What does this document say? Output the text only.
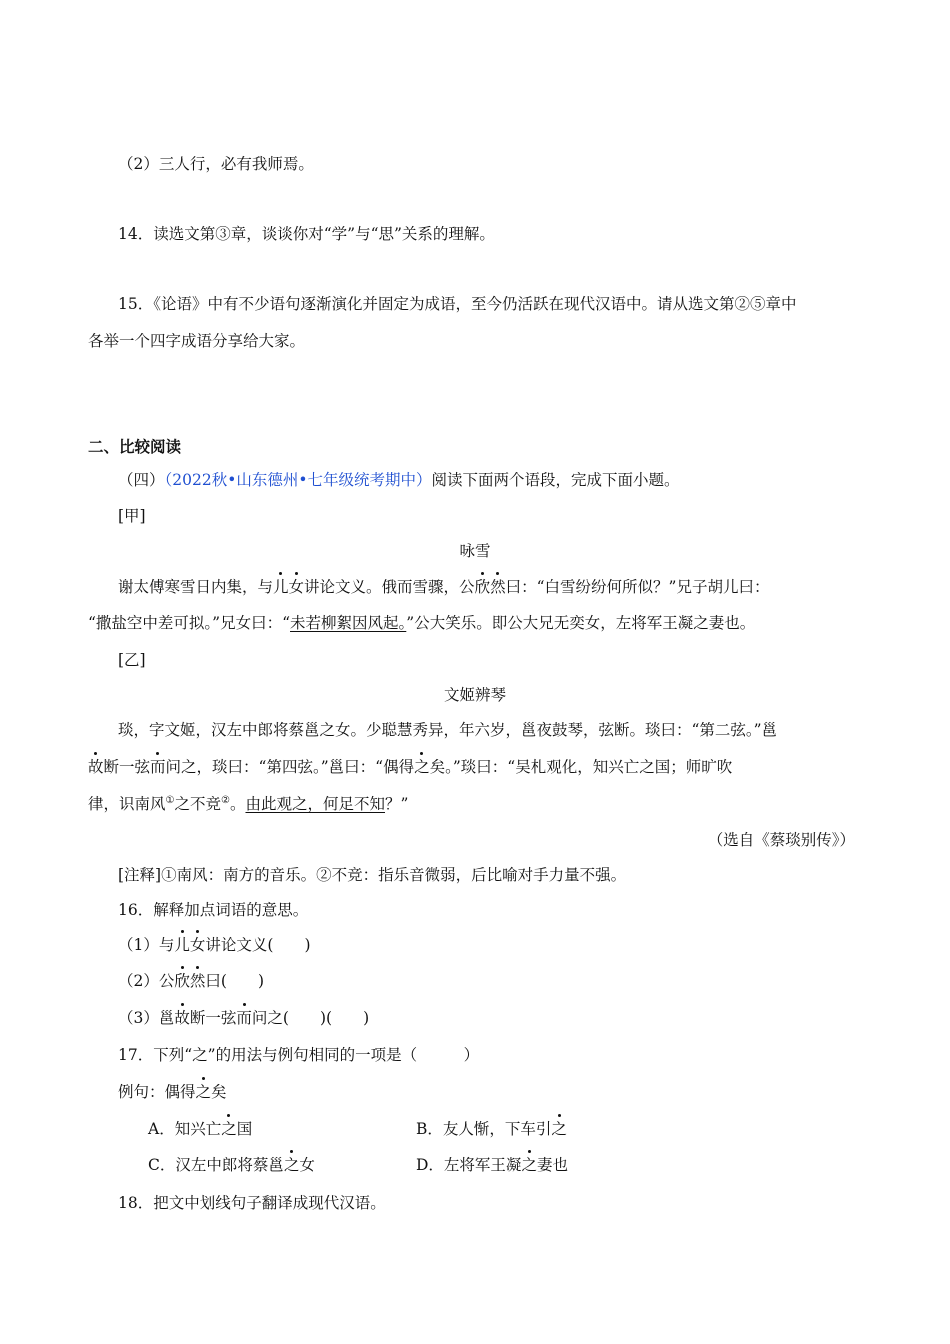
（2）三人行，必有我师焉。
14．读选文第③章，谈谈你对“学”与“思”关系的理解。
15．《论语》中有不少语句逐渐演化并固定为成语，至今仍活跃在现代汉语中。请从选文第②⑤章中
各举一个四字成语分享给大家。
二、比较阅读
（四）（2022秋•山东德州•七年级统考期中）阅读下面两个语段，完成下面小题。
[甲]
咏雪
谢太傅寒雪日内集，与儿女讲论文义。俄而雪骤，公欣然曰：“白雪纷纷何所似？”兄子胡儿曰：
“撒盐空中差可拟。”兄女曰：“未若柳絮因风起。”公大笑乐。即公大兄无奕女，左将军王凝之妻也。
[乙]
文姬辨琴
琰，字文姬，汉左中郎将蔡邕之女。少聪慧秀异，年六岁，邕夜鼓琴，弦断。琰曰：“第二弦。”邕
故断一弦而问之，琰曰：“第四弦。”邕曰：“偶得之矣。”琰曰：“吴札观化，知兴亡之国；师旷吹
律，识南风①之不竞②。由此观之，何足不知？”
（选自《蔡琰别传》）
[注释]①南风：南方的音乐。②不竞：指乐音微弱，后比喻对手力量不强。
16．解释加点词语的意思。
（1）与儿女讲论文义(　　)
（2）公欣然曰(　　)
（3）邕故断一弦而问之(　　)(　　)
17．下列“之”的用法与例句相同的一项是（　　　）
例句：偶得之矣
A．知兴亡之国	B．友人惭，下车引之
C．汉左中郎将蔡邕之女	D．左将军王凝之妻也
18．把文中划线句子翻译成现代汉语。
